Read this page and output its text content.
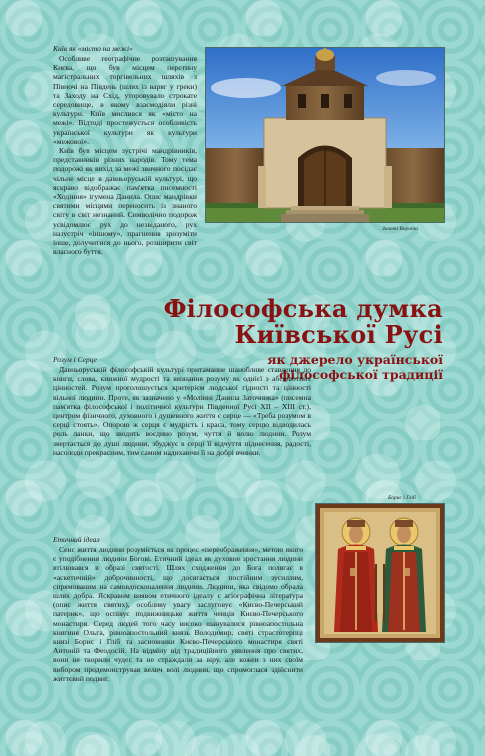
Київ як «місто на межі»

Особливе географічне розташування Києва, що був місцем перетину магістральних торгівельних шляхів з Півночі на Південь (шлях із варяг у греки) та Заходу на Схід, уторовувало строкате середовище, в якому взаємодіяли різні культури. Київ мислився як «місто на межі». Відтоді простежується особливість української культури як культури «межової».

Київ був місцем зустрічі мандрівників, представників різних народів. Тому тема подорожі як вихід за межі звичного посідає чільне місце в давньоруській культурі, що яскраво відображає пам'ятка писемності «Ходіння» ігумена Данила. Опис мандрівки святими місцями переносить із знаного світу в світ незнаний. Символічно подорож усвідомлює рух до незвіданого, рух назустріч «іншому», прагнення зрозуміти інше, долучитися до нього, розширити світ власного буття.

Золоті Ворота
Філософська думка
Київської Русі
як джерело української
філософської традиції
Розум і Серце

Давньоруській філософській культурі притаманне шанобливе ставлення до книги, слова, книжної мудрості та визнання розуму як однієї з абсолютних цінностей. Розум проголошується критерієм людської гідності та цінності вільної людини. Проте, як зазначено у «Молінні Данила Заточника» (писемна пам'ятка філософської і політичної культури Південної Русі XII – XIII ст.), центром фізичного, духовного і душевного життя є серце — «Треба розумом в серці стоять». Опорою ж серця є мудрість і краса, тому серцю відводилась роль ланки, що зводить воєдино розум, чуття й волю людини. Розум звертається до душі людини, збуджує в серці її відчуття піднесення, радості, насолоди прекрасним, тим самим надихаючи її на добрі вчинки.

Борис і Гліб
Етичний ідеал

Сенс життя людини розуміється як процес «переображення», метою якого є уподібнення людини Богові. Етичний ідеал як духовне зростання людини втілювався в образі святості. Шлях сходження до Бога полягає в «аскетичній» доброчинності, що досягається постійним зусиллям, спрямованим на самовдосконалення людини. Людини, яка свідомо обрала шлях добра. Яскравим виявом етичного ідеалу є агіографічна література (опис життя святих), особливу увагу заслуговує «Києво-Печерський патерик», що оспівує подвижницьке життя ченців Києво-Печерського монастиря. Серед людей того часу високо шанувалися рівноапостольна княгиня Ольга, рівноапостольний князь Володимир, святі страстотерпці князі Борис і Гліб та засновники Києво-Печерського монастиря святі Антоній та Феодосій. На відміну від традиційного уявлення про святих, вони не творили чудес та не страждали за віру, але кожен з них своїм вибором продемонстрував велич волі людини, що спромоглася здійснити життєвий подвиг.
